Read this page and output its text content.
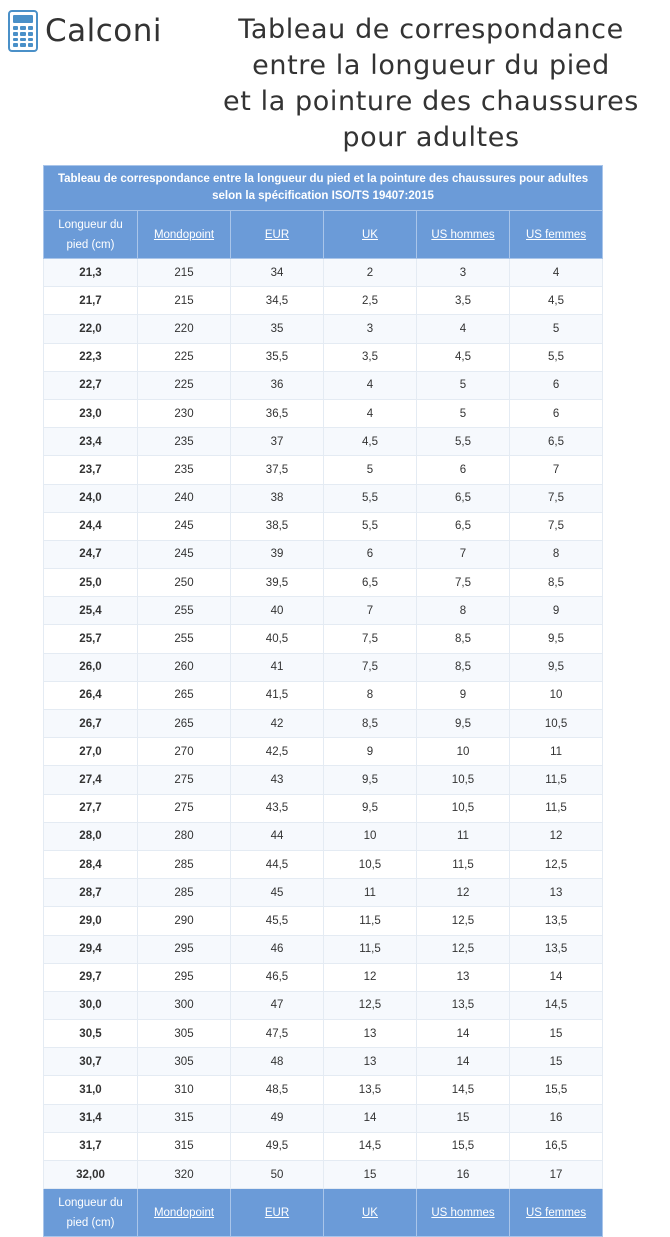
Calconi	Tableau de correspondance
entre la longueur du pied
et la pointure des chaussures
pour adultes
Tableau de correspondance entre la longueur du pied et la pointure des chaussures pour adultes selon la spécification ISO/TS 19407:2015					
Longueur du pied (cm)	Mondopoint	EUR	UK	US hommes	US femmes
21,3	215	34	2	3	4
21,7	215	34,5	2,5	3,5	4,5
22,0	220	35	3	4	5
22,3	225	35,5	3,5	4,5	5,5
22,7	225	36	4	5	6
23,0	230	36,5	4	5	6
23,4	235	37	4,5	5,5	6,5
23,7	235	37,5	5	6	7
24,0	240	38	5,5	6,5	7,5
24,4	245	38,5	5,5	6,5	7,5
24,7	245	39	6	7	8
25,0	250	39,5	6,5	7,5	8,5
25,4	255	40	7	8	9
25,7	255	40,5	7,5	8,5	9,5
26,0	260	41	7,5	8,5	9,5
26,4	265	41,5	8	9	10
26,7	265	42	8,5	9,5	10,5
27,0	270	42,5	9	10	11
27,4	275	43	9,5	10,5	11,5
27,7	275	43,5	9,5	10,5	11,5
28,0	280	44	10	11	12
28,4	285	44,5	10,5	11,5	12,5
28,7	285	45	11	12	13
29,0	290	45,5	11,5	12,5	13,5
29,4	295	46	11,5	12,5	13,5
29,7	295	46,5	12	13	14
30,0	300	47	12,5	13,5	14,5
30,5	305	47,5	13	14	15
30,7	305	48	13	14	15
31,0	310	48,5	13,5	14,5	15,5
31,4	315	49	14	15	16
31,7	315	49,5	14,5	15,5	16,5
32,00	320	50	15	16	17
Longueur du pied (cm)	Mondopoint	EUR	UK	US hommes	US femmes
